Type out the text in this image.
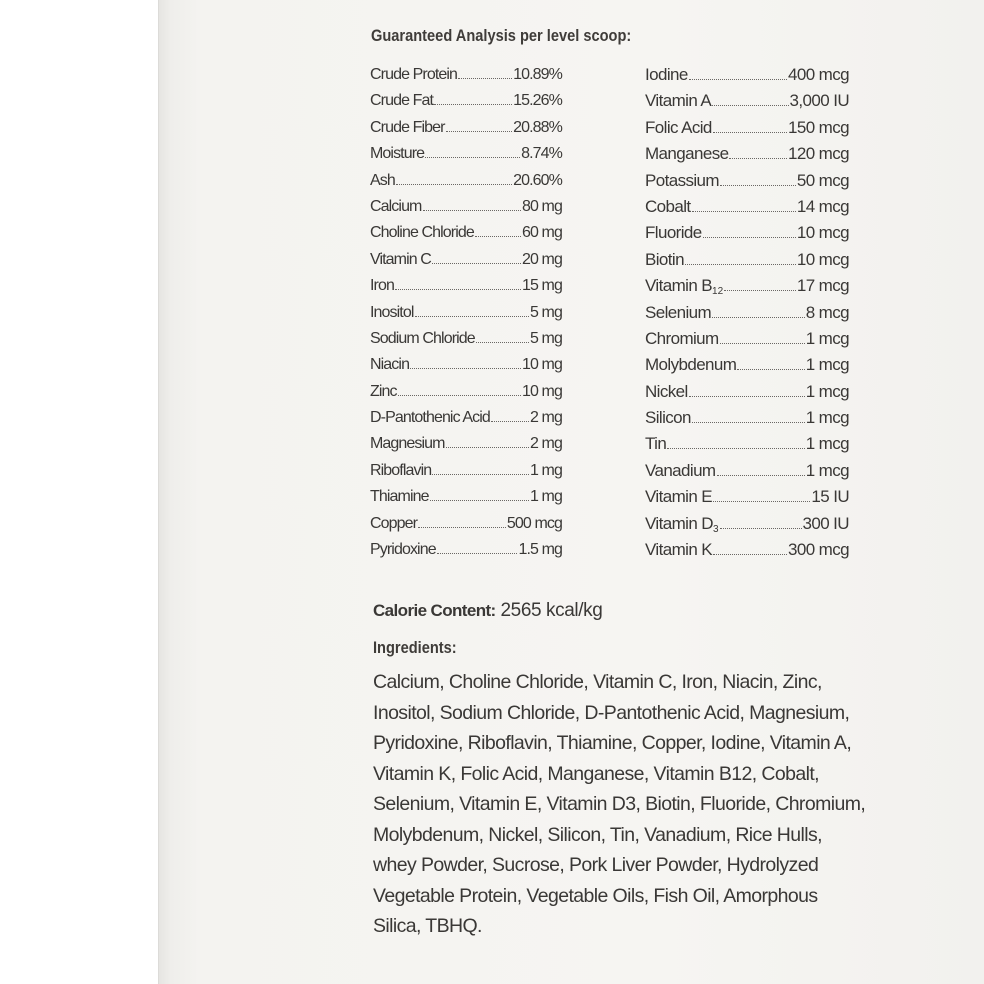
Guaranteed Analysis per level scoop:
Crude Protein	10.89%
Crude Fat	15.26%
Crude Fiber	20.88%
Moisture	8.74%
Ash	20.60%
Calcium	80 mg
Choline Chloride	60 mg
Vitamin C	20 mg
Iron	15 mg
Inositol	5 mg
Sodium Chloride	5 mg
Niacin	10 mg
Zinc	10 mg
D-Pantothenic Acid	2 mg
Magnesium	2 mg
Riboflavin	1 mg
Thiamine	1 mg
Copper	500 mcg
Pyridoxine	1.5 mg
Iodine	400 mcg
Vitamin A	3,000 IU
Folic Acid	150 mcg
Manganese	120 mcg
Potassium	50 mcg
Cobalt	14 mcg
Fluoride	10 mcg
Biotin	10 mcg
Vitamin $B_{12}$	17 mcg
Selenium	8 mcg
Chromium	1 mcg
Molybdenum	1 mcg
Nickel	1 mcg
Silicon	1 mcg
Tin	1 mcg
Vanadium	1 mcg
Vitamin E	15 IU
Vitamin $D_3$	300 IU
Vitamin K	300 mcg
Calorie Content: 2565 kcal/kg
Ingredients:
Calcium, Choline Chloride, Vitamin C, Iron, Niacin, Zinc,
Inositol, Sodium Chloride, D-Pantothenic Acid, Magnesium,
Pyridoxine, Riboflavin, Thiamine, Copper, Iodine, Vitamin A,
Vitamin K, Folic Acid, Manganese, Vitamin B12, Cobalt,
Selenium, Vitamin E, Vitamin D3, Biotin, Fluoride, Chromium,
Molybdenum, Nickel, Silicon, Tin, Vanadium, Rice Hulls,
whey Powder, Sucrose, Pork Liver Powder, Hydrolyzed
Vegetable Protein, Vegetable Oils, Fish Oil, Amorphous
Silica, TBHQ.
